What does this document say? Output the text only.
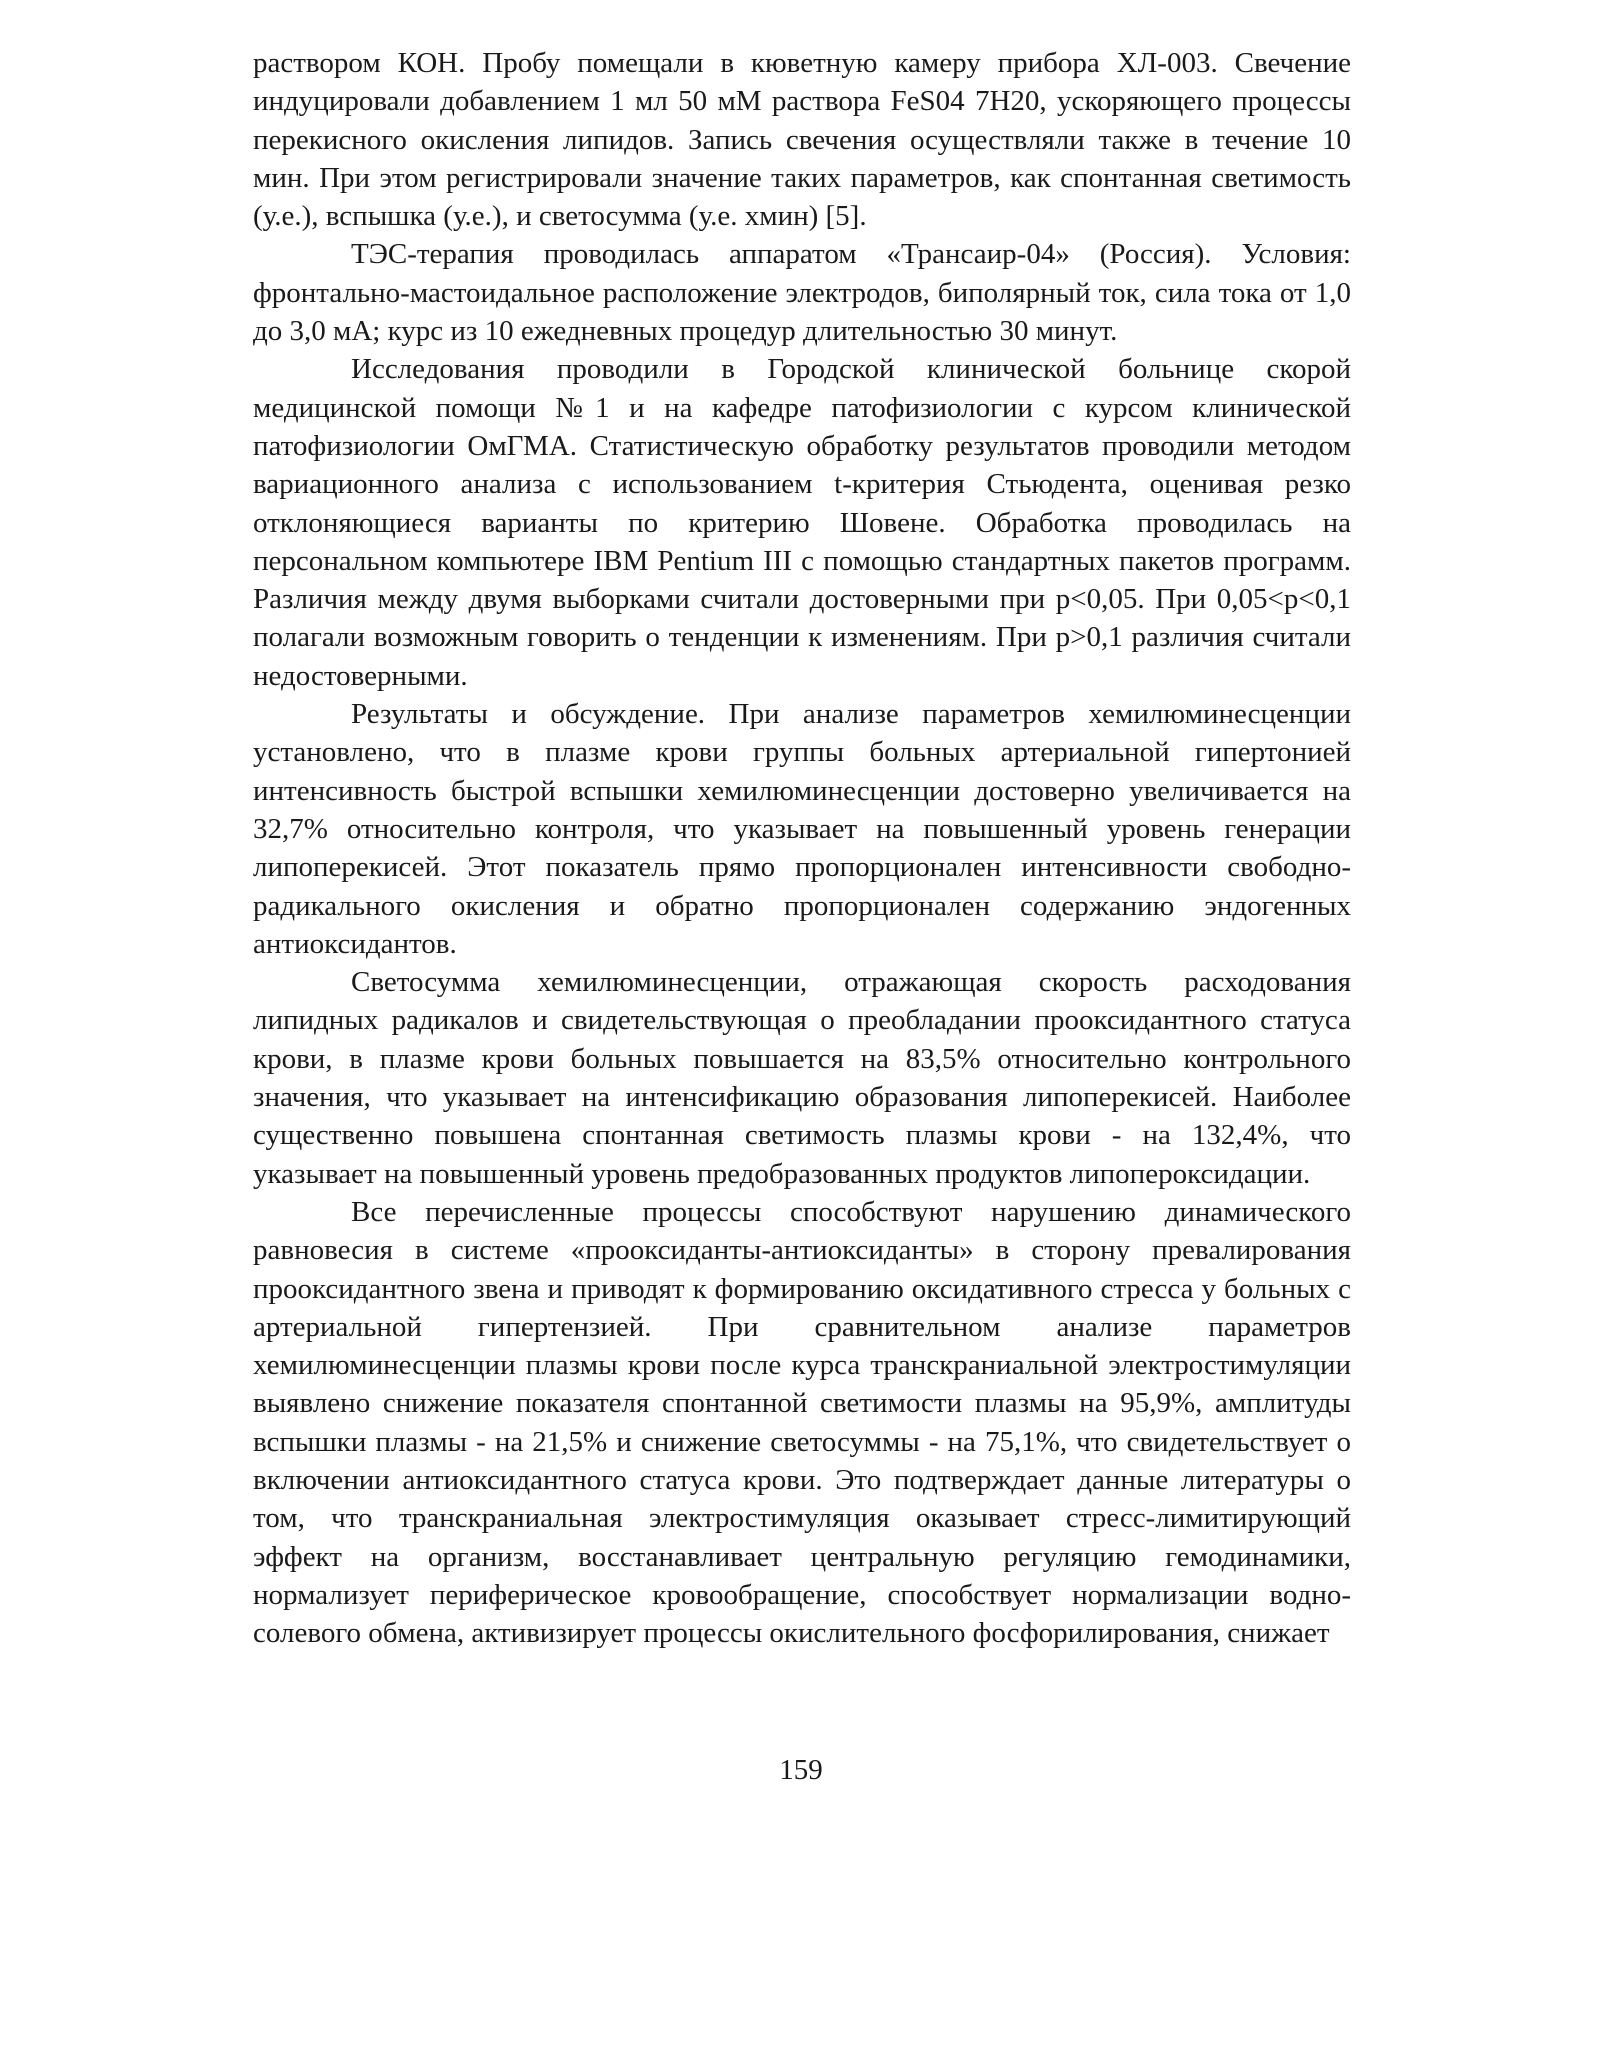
раствором КОН. Пробу помещали в кюветную камеру прибора ХЛ-003. Свечение индуцировали добавлением 1 мл 50 мМ раствора FeS04 7H20, ускоряющего процессы перекисного окисления липидов. Запись свечения осуществляли также в течение 10 мин. При этом регистрировали значение таких параметров, как спонтанная светимость (у.е.), вспышка (у.е.), и светосумма (у.е. хмин) [5].

ТЭС-терапия проводилась аппаратом «Трансаир-04» (Россия). Условия: фронтально-мастоидальное расположение электродов, биполярный ток, сила тока от 1,0 до 3,0 мА; курс из 10 ежедневных процедур длительностью 30 минут.

Исследования проводили в Городской клинической больнице скорой медицинской помощи №1 и на кафедре патофизиологии с курсом клинической патофизиологии ОмГМА. Статистическую обработку результатов проводили методом вариационного анализа с использованием t-критерия Стьюдента, оценивая резко отклоняющиеся варианты по критерию Шовене. Обработка проводилась на персональном компьютере IBM Pentium III с помощью стандартных пакетов программ. Различия между двумя выборками считали достоверными при p<0,05. При 0,05<p<0,1 полагали возможным говорить о тенденции к изменениям. При p>0,1 различия считали недостоверными.

Результаты и обсуждение. При анализе параметров хемилюминесценции установлено, что в плазме крови группы больных артериальной гипертонией интенсивность быстрой вспышки хемилюминесценции достоверно увеличивается на 32,7% относительно контроля, что указывает на повышенный уровень генерации липоперекисей. Этот показатель прямо пропорционален интенсивности свободно-радикального окисления и обратно пропорционален содержанию эндогенных антиоксидантов.

Светосумма хемилюминесценции, отражающая скорость расходования липидных радикалов и свидетельствующая о преобладании прооксидантного статуса крови, в плазме крови больных повышается на 83,5% относительно контрольного значения, что указывает на интенсификацию образования липоперекисей. Наиболее существенно повышена спонтанная светимость плазмы крови - на 132,4%, что указывает на повышенный уровень предобразованных продуктов липопероксидации.

Все перечисленные процессы способствуют нарушению динамического равновесия в системе «прооксиданты-антиоксиданты» в сторону превалирования прооксидантного звена и приводят к формированию оксидативного стресса у больных с артериальной гипертензией. При сравнительном анализе параметров хемилюминесценции плазмы крови после курса транскраниальной электростимуляции выявлено снижение показателя спонтанной светимости плазмы на 95,9%, амплитуды вспышки плазмы - на 21,5% и снижение светосуммы - на 75,1%, что свидетельствует о включении антиоксидантного статуса крови. Это подтверждает данные литературы о том, что транскраниальная электростимуляция оказывает стресс-лимитирующий эффект на организм, восстанавливает центральную регуляцию гемодинамики, нормализует периферическое кровообращение, способствует нормализации водно-солевого обмена, активизирует процессы окислительного фосфорилирования, снижает

159
